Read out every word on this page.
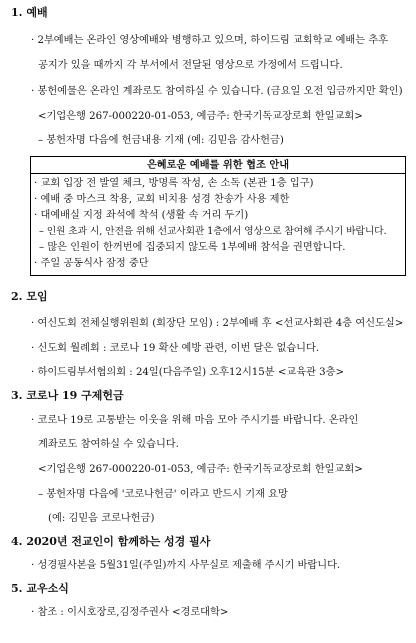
1. 예배
· 2부예배는 온라인 영상예배와 병행하고 있으며, 하이드림 교회학교 예배는 추후
공지가 있을 때까지 각 부서에서 전달된 영상으로 가정에서 드립니다.
· 봉헌예물은 온라인 계좌로도 참여하실 수 있습니다. (금요일 오전 입금까지만 확인)
<기업은행 267-000220-01-053, 예금주: 한국기독교장로회 한일교회>
– 봉헌자명 다음에 헌금내용 기재 (예: 김믿음 감사헌금)
은혜로운 예배를 위한 협조 안내
· 교회 입장 전 발열 체크, 방명록 작성, 손 소독 (본관 1층 입구)
· 예배 중 마스크 착용, 교회 비치용 성경 찬송가 사용 제한
· 대예배실 지정 좌석에 착석 (생활 속 거리 두기)
– 인원 초과 시, 안전을 위해 선교사회관 1층에서 영상으로 참여해 주시기 바랍니다.
– 많은 인원이 한꺼번에 집중되지 않도록 1부예배 참석을 권면합니다.
· 주일 공동식사 잠정 중단
2. 모임
· 여신도회 전체실행위원회 (회장단 모임) : 2부예배 후 <선교사회관 4층 여신도실>
· 신도회 월례회 : 코로나 19 확산 예방 관련, 이번 달은 없습니다.
· 하이드림부서협의회 : 24일(다음주일) 오후12시15분 <교육관 3층>
3. 코로나 19 구제헌금
· 코로나 19로 고통받는 이웃을 위해 마음 모아 주시기를 바랍니다. 온라인
계좌로도 참여하실 수 있습니다.
<기업은행 267-000220-01-053, 예금주: 한국기독교장로회 한일교회>
– 봉헌자명 다음에 '코로나헌금' 이라고 반드시 기재 요망
(예: 김믿음 코로나헌금)
4. 2020년 전교인이 함께하는 성경 필사
· 성경필사본을 5월31일(주일)까지 사무실로 제출해 주시기 바랍니다.
5. 교우소식
· 참조 : 이시호장로,김정주권사 <경로대학>
